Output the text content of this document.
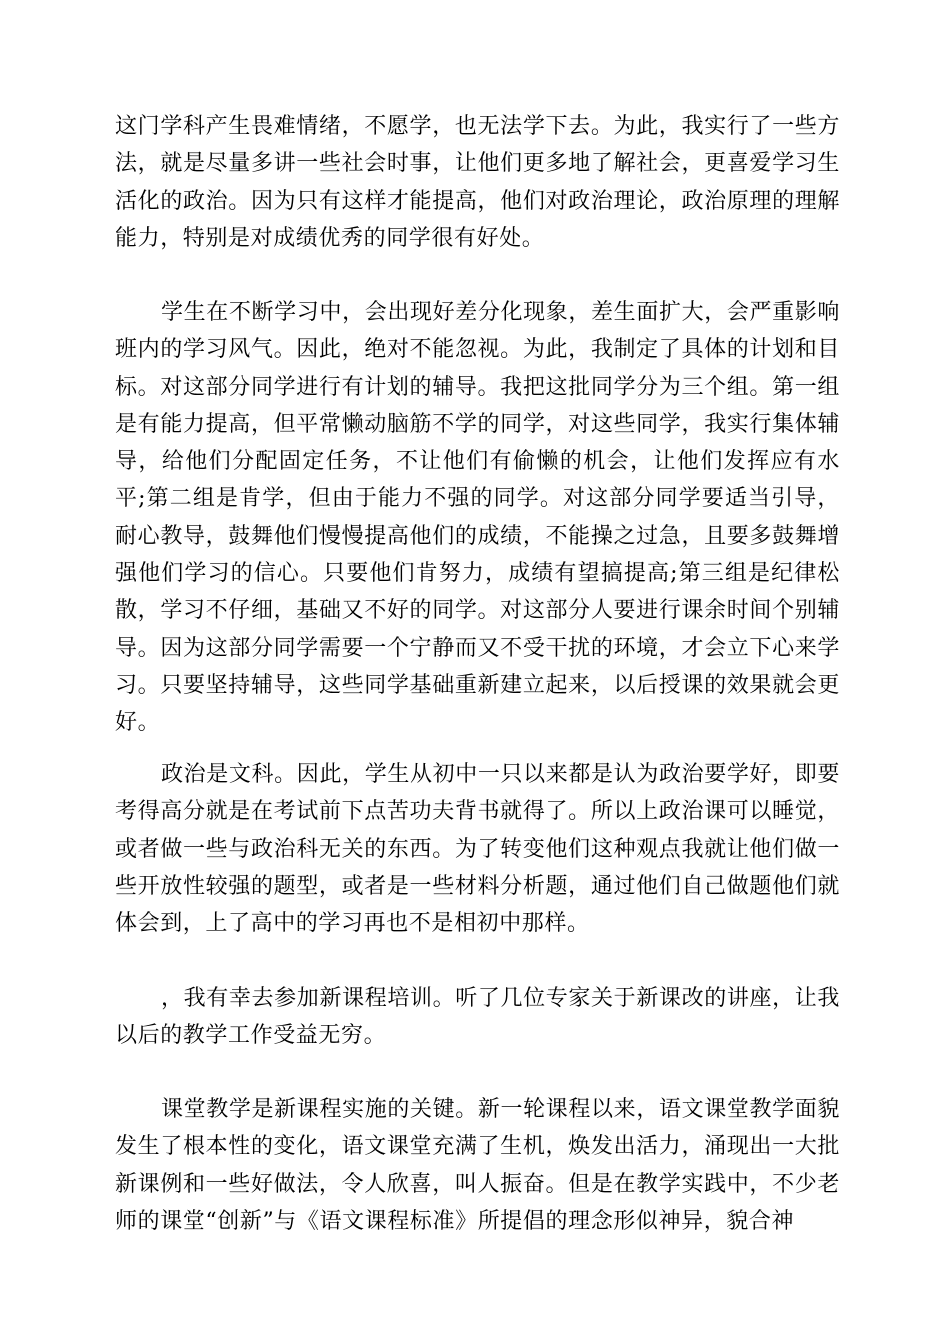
这门学科产生畏难情绪，不愿学，也无法学下去。为此，我实行了一些方法，就是尽量多讲一些社会时事，让他们更多地了解社会，更喜爱学习生活化的政治。因为只有这样才能提高，他们对政治理论，政治原理的理解能力，特别是对成绩优秀的同学很有好处。

学生在不断学习中，会出现好差分化现象，差生面扩大，会严重影响班内的学习风气。因此，绝对不能忽视。为此，我制定了具体的计划和目标。对这部分同学进行有计划的辅导。我把这批同学分为三个组。第一组是有能力提高，但平常懒动脑筋不学的同学，对这些同学，我实行集体辅导，给他们分配固定任务，不让他们有偷懒的机会，让他们发挥应有水平;第二组是肯学，但由于能力不强的同学。对这部分同学要适当引导，耐心教导，鼓舞他们慢慢提高他们的成绩，不能操之过急，且要多鼓舞增强他们学习的信心。只要他们肯努力，成绩有望搞提高;第三组是纪律松散，学习不仔细，基础又不好的同学。对这部分人要进行课余时间个别辅导。因为这部分同学需要一个宁静而又不受干扰的环境，才会立下心来学习。只要坚持辅导，这些同学基础重新建立起来，以后授课的效果就会更好。

政治是文科。因此，学生从初中一只以来都是认为政治要学好，即要考得高分就是在考试前下点苦功夫背书就得了。所以上政治课可以睡觉，或者做一些与政治科无关的东西。为了转变他们这种观点我就让他们做一些开放性较强的题型，或者是一些材料分析题，通过他们自己做题他们就体会到，上了高中的学习再也不是相初中那样。

，我有幸去参加新课程培训。听了几位专家关于新课改的讲座，让我以后的教学工作受益无穷。

课堂教学是新课程实施的关键。新一轮课程以来，语文课堂教学面貌发生了根本性的变化，语文课堂充满了生机，焕发出活力，涌现出一大批新课例和一些好做法，令人欣喜，叫人振奋。但是在教学实践中，不少老师的课堂“创新”与《语文课程标准》所提倡的理念形似神异，貌合神
